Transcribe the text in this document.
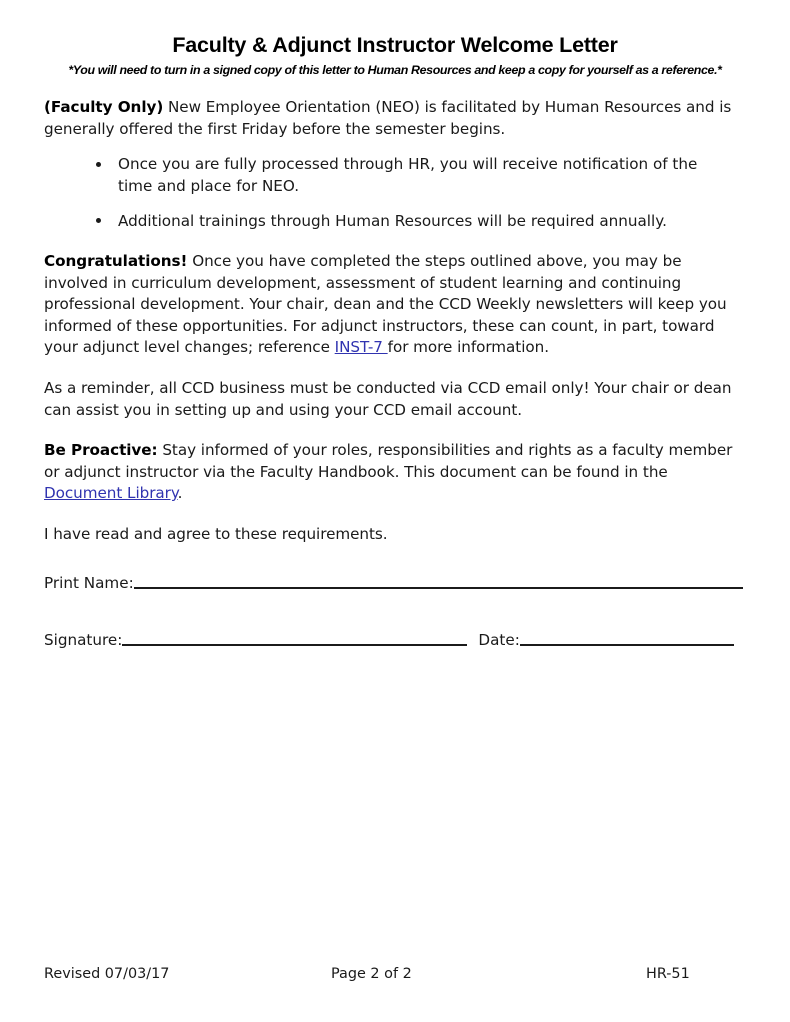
Faculty & Adjunct Instructor Welcome Letter

*You will need to turn in a signed copy of this letter to Human Resources and keep a copy for yourself as a reference.*

(Faculty Only) New Employee Orientation (NEO) is facilitated by Human Resources and is generally offered the first Friday before the semester begins.

Once you are fully processed through HR, you will receive notification of the time and place for NEO.
Additional trainings through Human Resources will be required annually.

Congratulations! Once you have completed the steps outlined above, you may be involved in curriculum development, assessment of student learning and continuing professional development. Your chair, dean and the CCD Weekly newsletters will keep you informed of these opportunities. For adjunct instructors, these can count, in part, toward your adjunct level changes; reference INST-7 for more information.

As a reminder, all CCD business must be conducted via CCD email only! Your chair or dean can assist you in setting up and using your CCD email account.

Be Proactive: Stay informed of your roles, responsibilities and rights as a faculty member or adjunct instructor via the Faculty Handbook. This document can be found in the Document Library.

I have read and agree to these requirements.

Print Name:
Signature:	Date:
Revised 07/03/17	Page 2 of 2	HR-51
